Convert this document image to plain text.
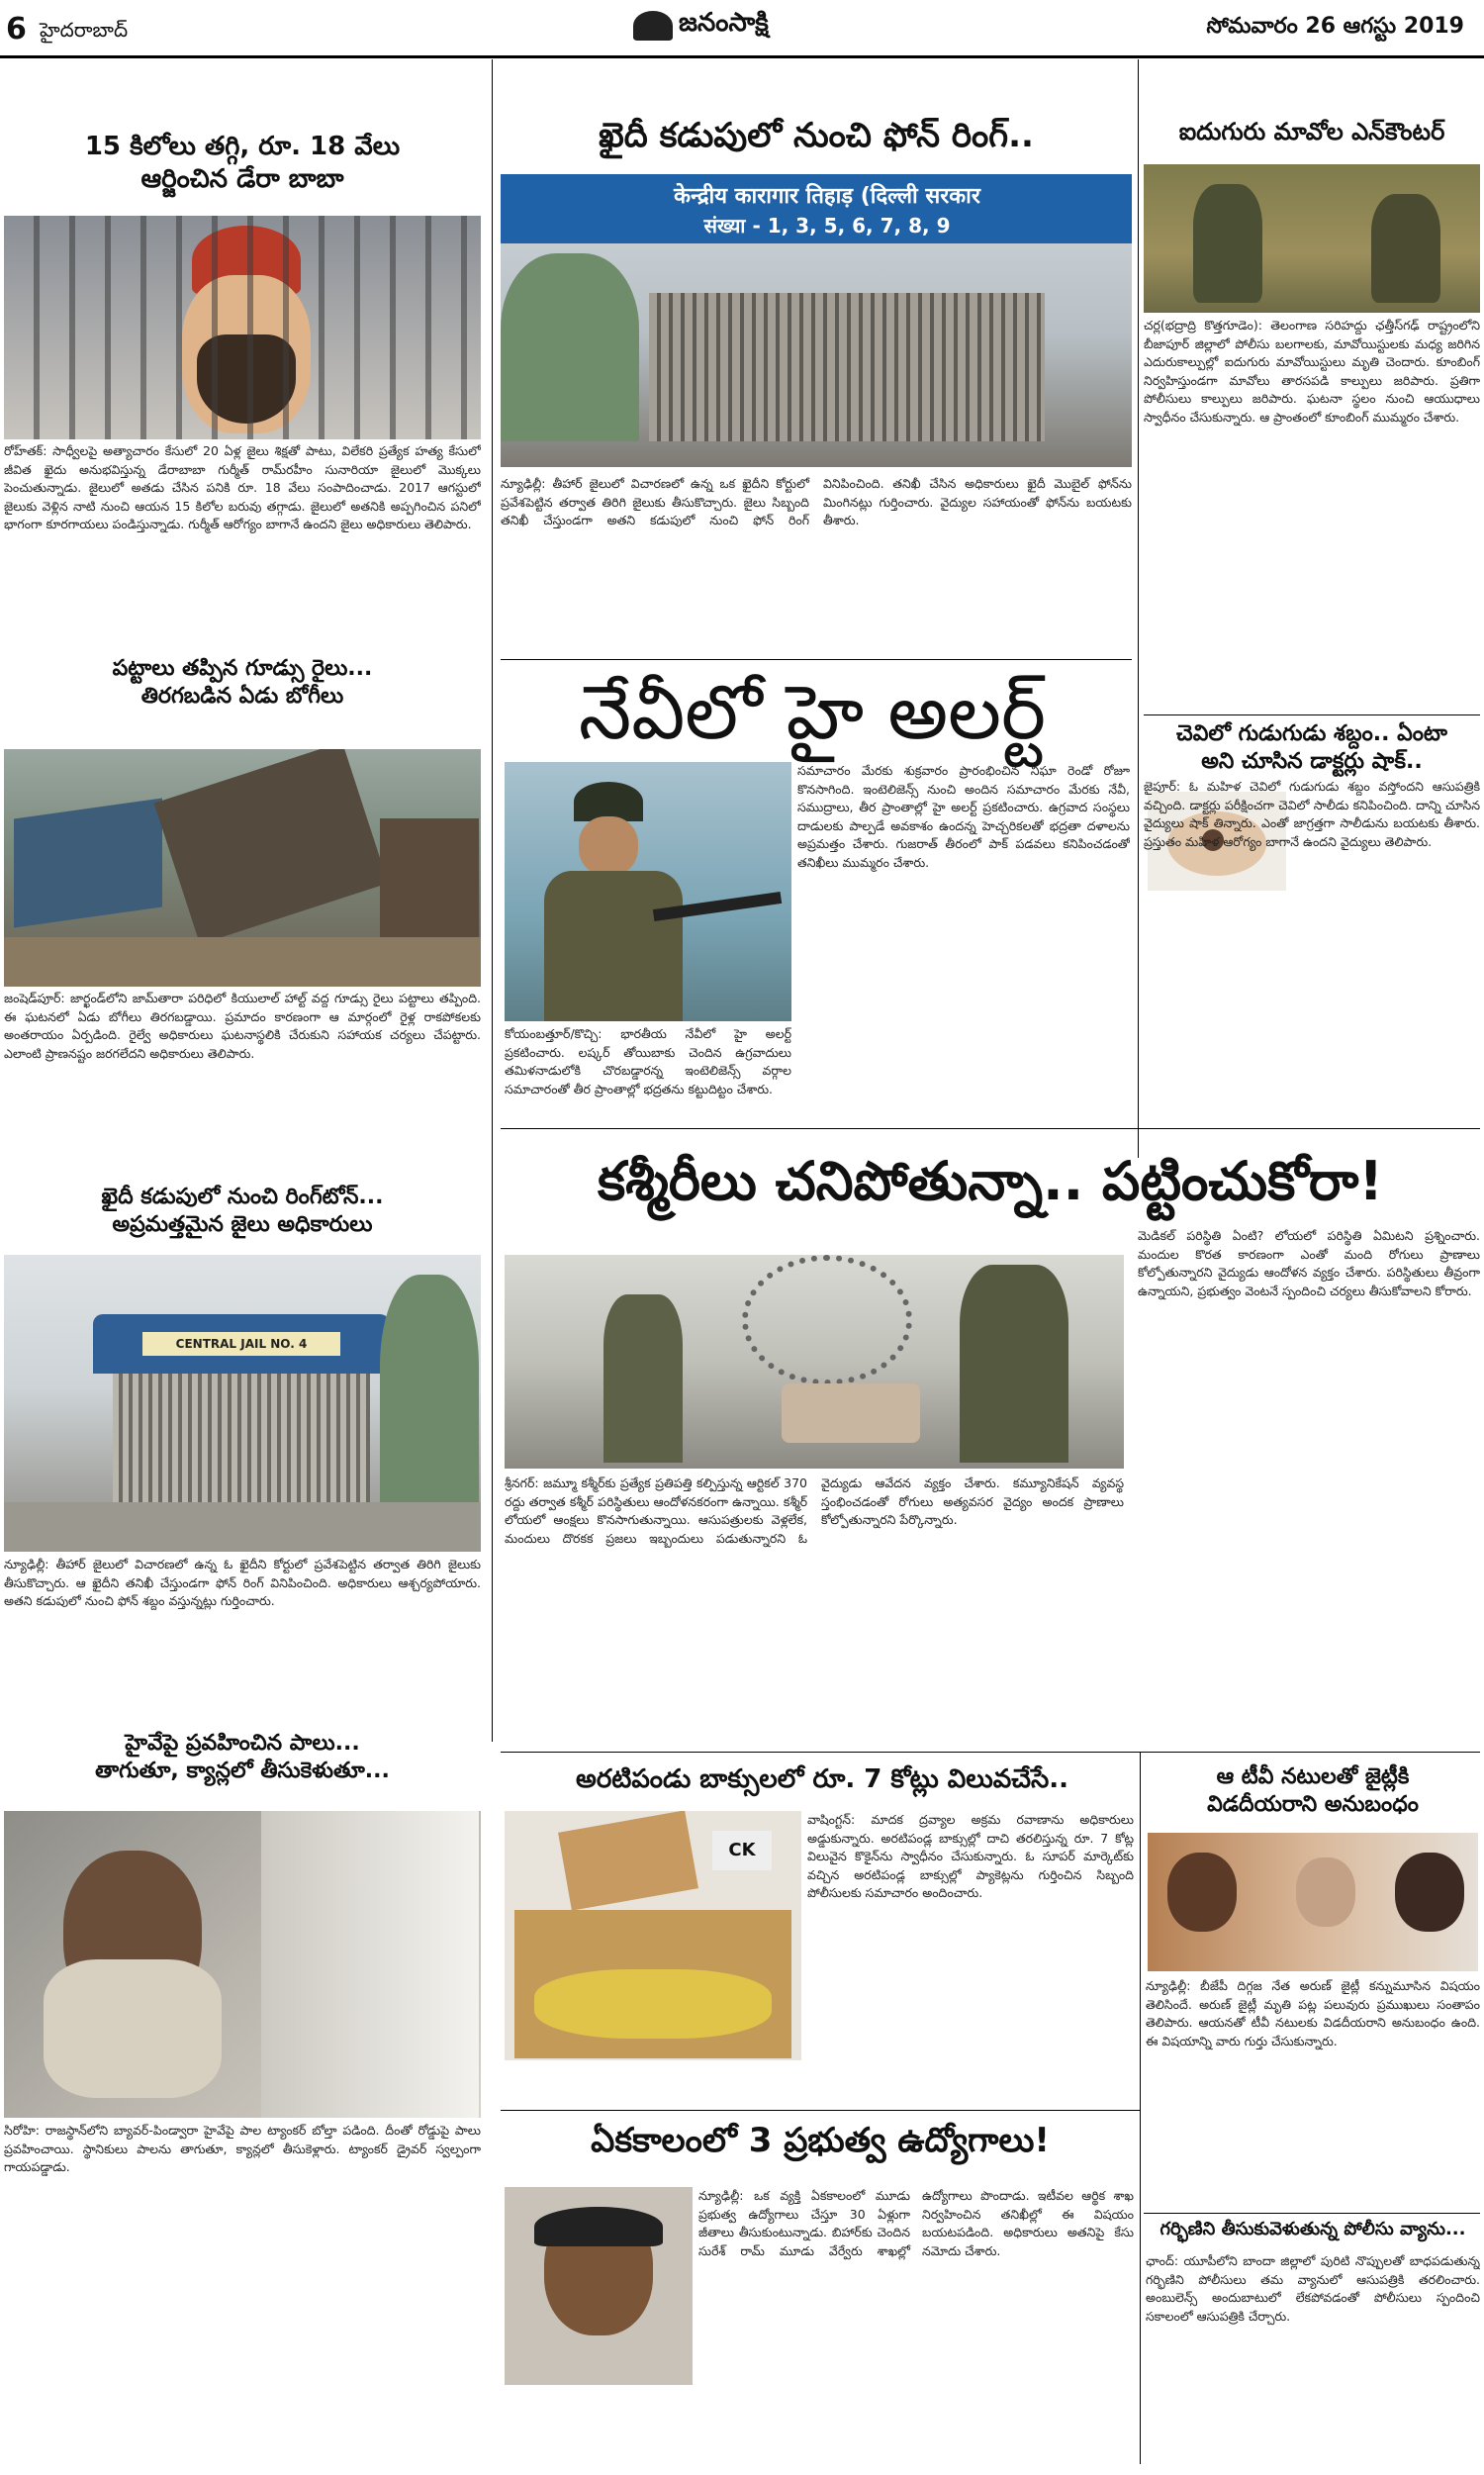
6 హైదరాబాద్	జనంసాక్షి	సోమవారం 26 ఆగస్టు 2019
15 కిలోలు తగ్గి, రూ. 18 వేలు
ఆర్జించిన డేరా బాబా
రోహ్‌తక్: సాధ్వీలపై అత్యాచారం కేసులో 20 ఏళ్ల జైలు శిక్షతో పాటు, విలేకరి ప్రత్యేక హత్య కేసులో జీవిత ఖైదు అనుభవిస్తున్న డేరాబాబా గుర్మీత్ రామ్‌రహీం సునారియా జైలులో మొక్కలు పెంచుతున్నాడు. జైలులో అతడు చేసిన పనికి రూ. 18 వేలు సంపాదించాడు. 2017 ఆగస్టులో జైలుకు వెళ్లిన నాటి నుంచి ఆయన 15 కిలోల బరువు తగ్గాడు. జైలులో అతనికి అప్పగించిన పనిలో భాగంగా కూరగాయలు పండిస్తున్నాడు. గుర్మీత్ ఆరోగ్యం బాగానే ఉందని జైలు అధికారులు తెలిపారు.
పట్టాలు తప్పిన గూడ్సు రైలు...
తిరగబడిన ఏడు బోగీలు
జంషెడ్‌పూర్: జార్ఖండ్‌లోని జామ్‌తారా పరిధిలో కియులాల్ హాల్ట్ వద్ద గూడ్సు రైలు పట్టాలు తప్పింది. ఈ ఘటనలో ఏడు బోగీలు తిరగబడ్డాయి. ప్రమాదం కారణంగా ఆ మార్గంలో రైళ్ల రాకపోకలకు అంతరాయం ఏర్పడింది. రైల్వే అధికారులు ఘటనాస్థలికి చేరుకుని సహాయక చర్యలు చేపట్టారు. ఎలాంటి ప్రాణనష్టం జరగలేదని అధికారులు తెలిపారు.
ఖైదీ కడుపులో నుంచి రింగ్‌టోన్...
అప్రమత్తమైన జైలు అధికారులు
CENTRAL JAIL NO. 4
న్యూఢిల్లీ: తీహార్ జైలులో విచారణలో ఉన్న ఓ ఖైదీని కోర్టులో ప్రవేశపెట్టిన తర్వాత తిరిగి జైలుకు తీసుకొచ్చారు. ఆ ఖైదీని తనిఖీ చేస్తుండగా ఫోన్ రింగ్ వినిపించింది. అధికారులు ఆశ్చర్యపోయారు. అతని కడుపులో నుంచి ఫోన్ శబ్దం వస్తున్నట్లు గుర్తించారు.
హైవేపై ప్రవహించిన పాలు...
తాగుతూ, క్యాన్లలో తీసుకెళుతూ...
సిరోహి: రాజస్థాన్‌లోని బ్యావర్-పిండ్వారా హైవేపై పాల ట్యాంకర్ బోల్తా పడింది. దీంతో రోడ్డుపై పాలు ప్రవహించాయి. స్థానికులు పాలను తాగుతూ, క్యాన్లలో తీసుకెళ్లారు. ట్యాంకర్ డ్రైవర్ స్వల్పంగా గాయపడ్డాడు.
ఖైదీ కడుపులో నుంచి ఫోన్ రింగ్..
केन्द्रीय कारागार तिहाड़ (दिल्ली सरकार
संख्या - 1, 3, 5, 6, 7, 8, 9
న్యూఢిల్లీ: తీహార్ జైలులో విచారణలో ఉన్న ఒక ఖైదీని కోర్టులో ప్రవేశపెట్టిన తర్వాత తిరిగి జైలుకు తీసుకొచ్చారు. జైలు సిబ్బంది తనిఖీ చేస్తుండగా అతని కడుపులో నుంచి ఫోన్ రింగ్ వినిపించింది. తనిఖీ చేసిన అధికారులు ఖైదీ మొబైల్ ఫోన్‌ను మింగినట్లు గుర్తించారు. వైద్యుల సహాయంతో ఫోన్‌ను బయటకు తీశారు.
నేవీలో హై అలర్ట్
కోయంబత్తూర్/కొచ్చి: భారతీయ నేవీలో హై అలర్ట్ ప్రకటించారు. లష్కర్ తోయిబాకు చెందిన ఉగ్రవాదులు తమిళనాడులోకి చొరబడ్డారన్న ఇంటెలిజెన్స్ వర్గాల సమాచారంతో తీర ప్రాంతాల్లో భద్రతను కట్టుదిట్టం చేశారు.
సమాచారం మేరకు శుక్రవారం ప్రారంభించిన నిఘా రెండో రోజూ కొనసాగింది. ఇంటెలిజెన్స్ నుంచి అందిన సమాచారం మేరకు నేవీ, సముద్రాలు, తీర ప్రాంతాల్లో హై అలర్ట్ ప్రకటించారు. ఉగ్రవాద సంస్థలు దాడులకు పాల్పడే అవకాశం ఉందన్న హెచ్చరికలతో భద్రతా దళాలను అప్రమత్తం చేశారు. గుజరాత్ తీరంలో పాక్ పడవలు కనిపించడంతో తనిఖీలు ముమ్మరం చేశారు.
ఐదుగురు మావోల ఎన్‌కౌంటర్
చర్ల(భద్రాద్రి కొత్తగూడెం): తెలంగాణ సరిహద్దు ఛత్తీస్‌గఢ్ రాష్ట్రంలోని బీజాపూర్ జిల్లాలో పోలీసు బలగాలకు, మావోయిస్టులకు మధ్య జరిగిన ఎదురుకాల్పుల్లో ఐదుగురు మావోయిస్టులు మృతి చెందారు. కూంబింగ్ నిర్వహిస్తుండగా మావోలు తారసపడి కాల్పులు జరిపారు. ప్రతిగా పోలీసులు కాల్పులు జరిపారు. ఘటనా స్థలం నుంచి ఆయుధాలు స్వాధీనం చేసుకున్నారు. ఆ ప్రాంతంలో కూంబింగ్ ముమ్మరం చేశారు.
చెవిలో గుడుగుడు శబ్దం.. ఏంటా
అని చూసిన డాక్టర్లు షాక్..
జైపూర్: ఓ మహిళ చెవిలో గుడుగుడు శబ్దం వస్తోందని ఆసుపత్రికి వచ్చింది. డాక్టర్లు పరీక్షించగా చెవిలో సాలీడు కనిపించింది. దాన్ని చూసిన వైద్యులు షాక్ తిన్నారు. ఎంతో జాగ్రత్తగా సాలీడును బయటకు తీశారు. ప్రస్తుతం మహిళ ఆరోగ్యం బాగానే ఉందని వైద్యులు తెలిపారు.
కశ్మీరీలు చనిపోతున్నా.. పట్టించుకోరా!
శ్రీనగర్: జమ్మూ కశ్మీర్‌కు ప్రత్యేక ప్రతిపత్తి కల్పిస్తున్న ఆర్టికల్ 370 రద్దు తర్వాత కశ్మీర్ పరిస్థితులు ఆందోళనకరంగా ఉన్నాయి. కశ్మీర్ లోయలో ఆంక్షలు కొనసాగుతున్నాయి. ఆసుపత్రులకు వెళ్లలేక, మందులు దొరకక ప్రజలు ఇబ్బందులు పడుతున్నారని ఓ వైద్యుడు ఆవేదన వ్యక్తం చేశారు. కమ్యూనికేషన్ వ్యవస్థ స్తంభించడంతో రోగులు అత్యవసర వైద్యం అందక ప్రాణాలు కోల్పోతున్నారని పేర్కొన్నారు.
మెడికల్ పరిస్థితి ఏంటి? లోయలో పరిస్థితి ఏమిటని ప్రశ్నించారు. మందుల కొరత కారణంగా ఎంతో మంది రోగులు ప్రాణాలు కోల్పోతున్నారని వైద్యుడు ఆందోళన వ్యక్తం చేశారు. పరిస్థితులు తీవ్రంగా ఉన్నాయని, ప్రభుత్వం వెంటనే స్పందించి చర్యలు తీసుకోవాలని కోరారు.
అరటిపండు బాక్సులలో రూ. 7 కోట్లు విలువచేసే..
CK
వాషింగ్టన్: మాదక ద్రవ్యాల అక్రమ రవాణాను అధికారులు అడ్డుకున్నారు. అరటిపండ్ల బాక్సుల్లో దాచి తరలిస్తున్న రూ. 7 కోట్ల విలువైన కొకైన్‌ను స్వాధీనం చేసుకున్నారు. ఓ సూపర్ మార్కెట్‌కు వచ్చిన అరటిపండ్ల బాక్సుల్లో ప్యాకెట్లను గుర్తించిన సిబ్బంది పోలీసులకు సమాచారం అందించారు.
ఏకకాలంలో 3 ప్రభుత్వ ఉద్యోగాలు!
న్యూఢిల్లీ: ఒక వ్యక్తి ఏకకాలంలో మూడు ప్రభుత్వ ఉద్యోగాలు చేస్తూ 30 ఏళ్లుగా జీతాలు తీసుకుంటున్నాడు. బిహార్‌కు చెందిన సురేశ్ రామ్ మూడు వేర్వేరు శాఖల్లో ఉద్యోగాలు పొందాడు. ఇటీవల ఆర్థిక శాఖ నిర్వహించిన తనిఖీల్లో ఈ విషయం బయటపడింది. అధికారులు అతనిపై కేసు నమోదు చేశారు.
ఆ టీవీ నటులతో జైట్లీకి
విడదీయరాని అనుబంధం
న్యూఢిల్లీ: బీజేపీ దిగ్గజ నేత అరుణ్ జైట్లీ కన్నుమూసిన విషయం తెలిసిందే. అరుణ్ జైట్లీ మృతి పట్ల పలువురు ప్రముఖులు సంతాపం తెలిపారు. ఆయనతో టీవీ నటులకు విడదీయరాని అనుబంధం ఉంది. ఈ విషయాన్ని వారు గుర్తు చేసుకున్నారు.
గర్భిణిని తీసుకువెళుతున్న పోలీసు వ్యాను...
ఛాంద్: యూపీలోని బాందా జిల్లాలో పురిటి నొప్పులతో బాధపడుతున్న గర్భిణిని పోలీసులు తమ వ్యానులో ఆసుపత్రికి తరలించారు. అంబులెన్స్ అందుబాటులో లేకపోవడంతో పోలీసులు స్పందించి సకాలంలో ఆసుపత్రికి చేర్చారు.
